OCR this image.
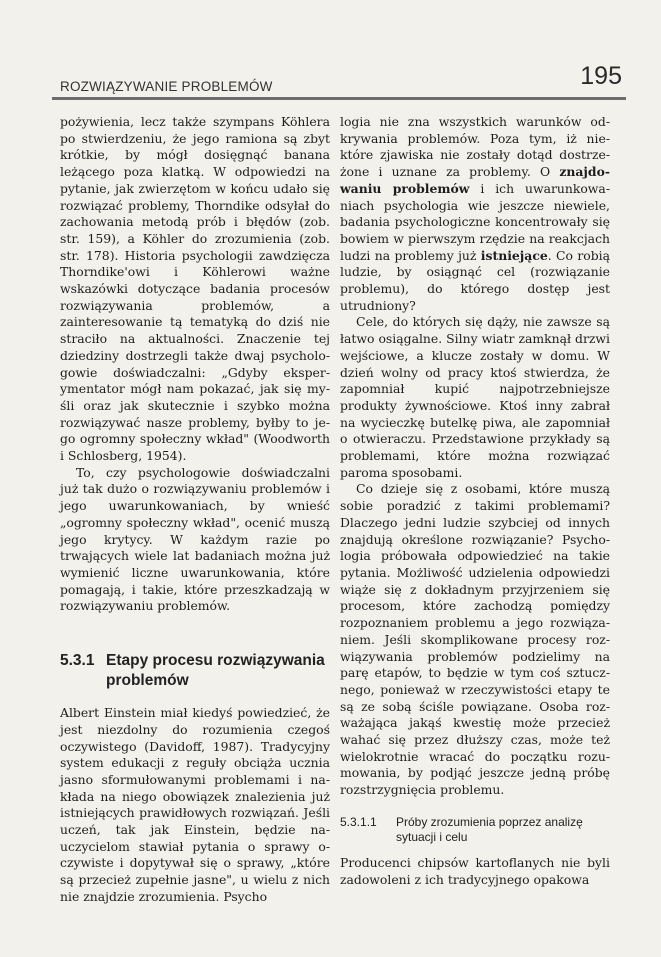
ROZWIĄZYWANIE PROBLEMÓW	195

pożywienia, lecz także szympans Köhlera po stwierdzeniu, że jego ramiona są zbyt krótkie, by mógł dosięgnąć banana leżącego poza klatką. W odpowiedzi na pytanie, jak zwierzętom w końcu udało się rozwiązać problemy, Thorndike odsyłał do zachowania metodą prób i błędów (zob. str. 159), a Köhler do zrozumienia (zob. str. 178). Historia psychologii zawdzięcza Thorndike'owi i Köhlerowi ważne wskazówki dotyczące badania procesów rozwiązywania problemów, a zainteresowanie tą tematyką do dziś nie straciło na aktualności. Znaczenie tej dziedziny dostrzegli także dwaj psychologowie doświadczalni: „Gdyby eksperymentator mógł nam pokazać, jak się myśli oraz jak skutecznie i szybko można rozwiązywać nasze problemy, byłby to jego ogromny społeczny wkład" (Woodworth i Schlosberg, 1954).

To, czy psychologowie doświadczalni już tak dużo o rozwiązywaniu problemów i jego uwarunkowaniach, by wnieść „ogromny społeczny wkład", ocenić muszą jego krytycy. W każdym razie po trwających wiele lat badaniach można już wymienić liczne uwarunkowania, które pomagają, i takie, które przeszkadzają w rozwiązywaniu problemów.

5.3.1 Etapy procesu rozwiązywania problemów

Albert Einstein miał kiedyś powiedzieć, że jest niezdolny do rozumienia czegoś oczywistego (Davidoff, 1987). Tradycyjny system edukacji z reguły obciąża ucznia jasno sformułowanymi problemami i nakłada na niego obowiązek znalezienia już istniejących prawidłowych rozwiązań. Jeśli uczeń, tak jak Einstein, będzie nauczycielom stawiał pytania o sprawy oczywiste i dopytywał się o sprawy, „które są przecież zupełnie jasne", u wielu z nich nie znajdzie zrozumienia. Psycho

logia nie zna wszystkich warunków odkrywania problemów. Poza tym, iż niektóre zjawiska nie zostały dotąd dostrzeżone i uznane za problemy. O znajdowaniu problemów i ich uwarunkowaniach psychologia wie jeszcze niewiele, badania psychologiczne koncentrowały się bowiem w pierwszym rzędzie na reakcjach ludzi na problemy już istniejące. Co robią ludzie, by osiągnąć cel (rozwiązanie problemu), do którego dostęp jest utrudniony?

Cele, do których się dąży, nie zawsze są łatwo osiągalne. Silny wiatr zamknął drzwi wejściowe, a klucze zostały w domu. W dzień wolny od pracy ktoś stwierdza, że zapomniał kupić najpotrzebniejsze produkty żywnościowe. Ktoś inny zabrał na wycieczkę butelkę piwa, ale zapomniał o otwieraczu. Przedstawione przykłady są problemami, które można rozwiązać paroma sposobami.

Co dzieje się z osobami, które muszą sobie poradzić z takimi problemami? Dlaczego jedni ludzie szybciej od innych znajdują określone rozwiązanie? Psychologia próbowała odpowiedzieć na takie pytania. Możliwość udzielenia odpowiedzi wiąże się z dokładnym przyjrzeniem się procesom, które zachodzą pomiędzy rozpoznaniem problemu a jego rozwiązaniem. Jeśli skomplikowane procesy rozwiązywania problemów podzielimy na parę etapów, to będzie w tym coś sztucznego, ponieważ w rzeczywistości etapy te są ze sobą ściśle powiązane. Osoba rozważająca jakąś kwestię może przecież wahać się przez dłuższy czas, może też wielokrotnie wracać do początku rozumowania, by podjąć jeszcze jedną próbę rozstrzygnięcia problemu.

5.3.1.1	Próby zrozumienia poprzez analizę sytuacji i celu

Producenci chipsów kartoflanych nie byli zadowoleni z ich tradycyjnego opakowa
